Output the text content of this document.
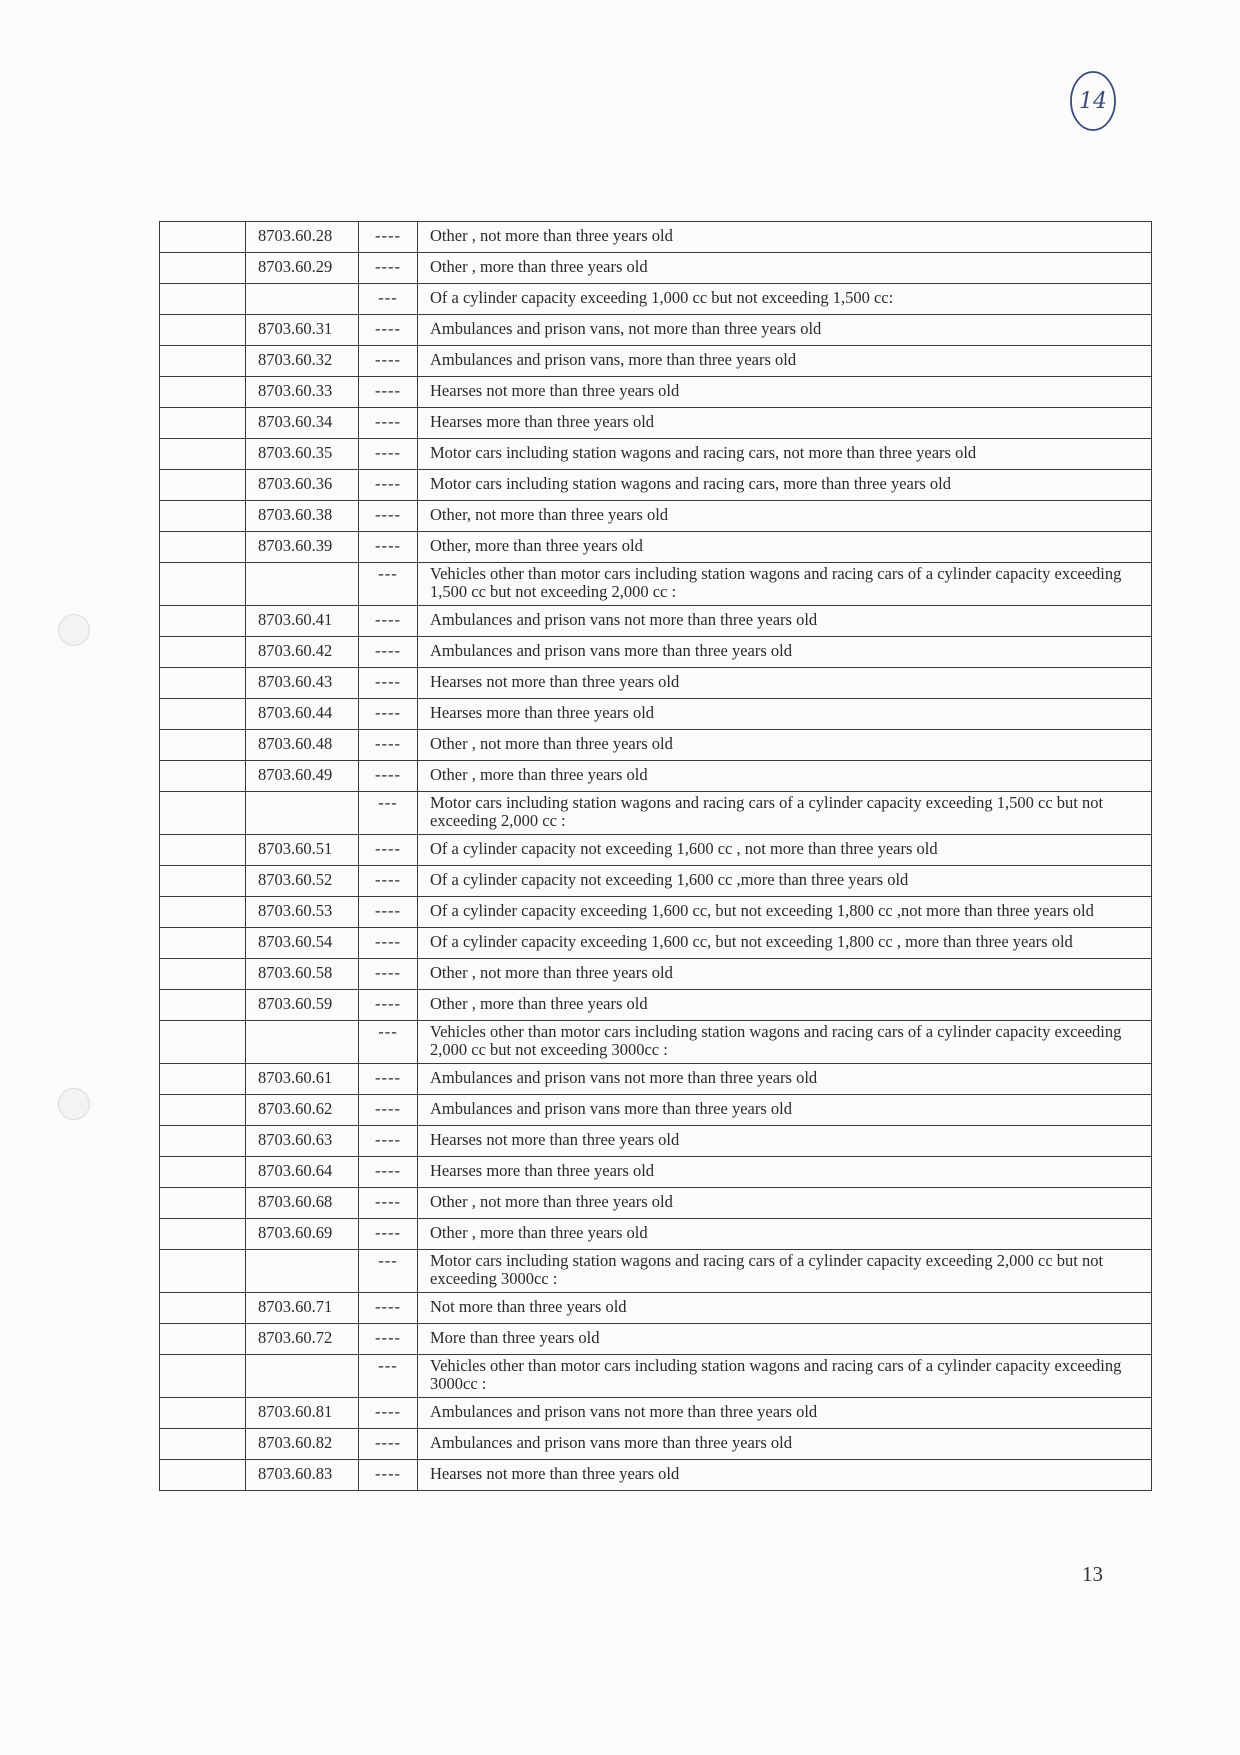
14
	8703.60.28	----	Other , not more than three years old
	8703.60.29	----	Other , more than three years old
		---	Of a cylinder capacity exceeding 1,000 cc but not exceeding 1,500 cc:
	8703.60.31	----	Ambulances and prison vans, not more than three years old
	8703.60.32	----	Ambulances and prison vans, more than three years old
	8703.60.33	----	Hearses not more than three years old
	8703.60.34	----	Hearses more than three years old
	8703.60.35	----	Motor cars including station wagons and racing cars, not more than three years old
	8703.60.36	----	Motor cars including station wagons and racing cars, more than three years old
	8703.60.38	----	Other, not more than three years old
	8703.60.39	----	Other, more than three years old
		---	Vehicles other than motor cars including station wagons and racing cars of a cylinder capacity exceeding 1,500 cc but not exceeding 2,000 cc :
	8703.60.41	----	Ambulances and prison vans not more than three years old
	8703.60.42	----	Ambulances and prison vans more than three years old
	8703.60.43	----	Hearses not more than three years old
	8703.60.44	----	Hearses more than three years old
	8703.60.48	----	Other , not more than three years old
	8703.60.49	----	Other , more than three years old
		---	Motor cars including station wagons and racing cars of a cylinder capacity exceeding 1,500 cc but not exceeding 2,000 cc :
	8703.60.51	----	Of a cylinder capacity not exceeding 1,600 cc , not more than three years old
	8703.60.52	----	Of a cylinder capacity not exceeding 1,600 cc ,more than three years old
	8703.60.53	----	Of a cylinder capacity exceeding 1,600 cc, but not exceeding 1,800 cc ,not more than three years old
	8703.60.54	----	Of a cylinder capacity exceeding 1,600 cc, but not exceeding 1,800 cc , more than three years old
	8703.60.58	----	Other , not more than three years old
	8703.60.59	----	Other , more than three years old
		---	Vehicles other than motor cars including station wagons and racing cars of a cylinder capacity exceeding 2,000 cc but not exceeding 3000cc :
	8703.60.61	----	Ambulances and prison vans not more than three years old
	8703.60.62	----	Ambulances and prison vans more than three years old
	8703.60.63	----	Hearses not more than three years old
	8703.60.64	----	Hearses more than three years old
	8703.60.68	----	Other , not more than three years old
	8703.60.69	----	Other , more than three years old
		---	Motor cars including station wagons and racing cars of a cylinder capacity exceeding 2,000 cc but not exceeding 3000cc :
	8703.60.71	----	Not more than three years old
	8703.60.72	----	More than three years old
		---	Vehicles other than motor cars including station wagons and racing cars of a cylinder capacity exceeding 3000cc :
	8703.60.81	----	Ambulances and prison vans not more than three years old
	8703.60.82	----	Ambulances and prison vans more than three years old
	8703.60.83	----	Hearses not more than three years old
13
